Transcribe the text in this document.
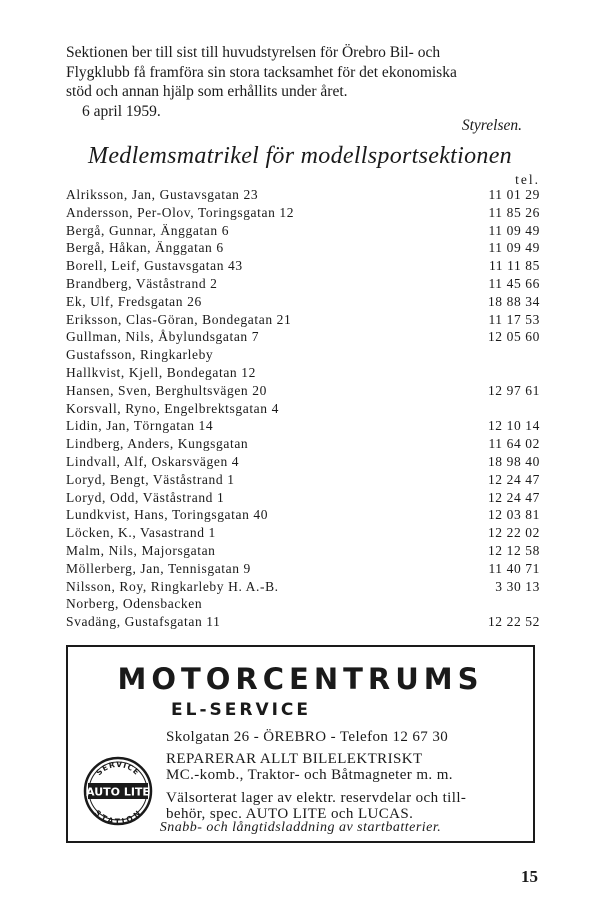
Sektionen ber till sist till huvudstyrelsen för Örebro Bil- och

Flygklubb få framföra sin stora tacksamhet för det ekonomiska

stöd och annan hjälp som erhållits under året.

6 april 1959.

Styrelsen.
Medlemsmatrikel för modellsportsektionen
tel.
Alriksson, Jan, Gustavsgatan 23	11 01 29
Andersson, Per-Olov, Toringsgatan 12	11 85 26
Bergå, Gunnar, Änggatan 6	11 09 49
Bergå, Håkan, Änggatan 6	11 09 49
Borell, Leif, Gustavsgatan 43	11 11 85
Brandberg, Väståstrand 2	11 45 66
Ek, Ulf, Fredsgatan 26	18 88 34
Eriksson, Clas-Göran, Bondegatan 21	11 17 53
Gullman, Nils, Åbylundsgatan 7	12 05 60
Gustafsson, Ringkarleby
Hallkvist, Kjell, Bondegatan 12
Hansen, Sven, Berghultsvägen 20	12 97 61
Korsvall, Ryno, Engelbrektsgatan 4
Lidin, Jan, Törngatan 14	12 10 14
Lindberg, Anders, Kungsgatan	11 64 02
Lindvall, Alf, Oskarsvägen 4	18 98 40
Loryd, Bengt, Väståstrand 1	12 24 47
Loryd, Odd, Väståstrand 1	12 24 47
Lundkvist, Hans, Toringsgatan 40	12 03 81
Löcken, K., Vasastrand 1	12 22 02
Malm, Nils, Majorsgatan	12 12 58
Möllerberg, Jan, Tennisgatan 9	11 40 71
Nilsson, Roy, Ringkarleby H. A.-B.	3 30 13
Norberg, Odensbacken
Svadäng, Gustafsgatan 11	12 22 52
MOTORCENTRUMS
EL-SERVICE
Skolgatan 26 - ÖREBRO - Telefon 12 67 30
REPARERAR ALLT BILELEKTRISKT
MC.-komb., Traktor- och Båtmagneter m. m.
Välsorterat lager av elektr. reservdelar och till-
behör, spec. AUTO LITE och LUCAS.
SERVICE
STATION
AUTO LITE
Snabb- och långtidsladdning av startbatterier.
15
